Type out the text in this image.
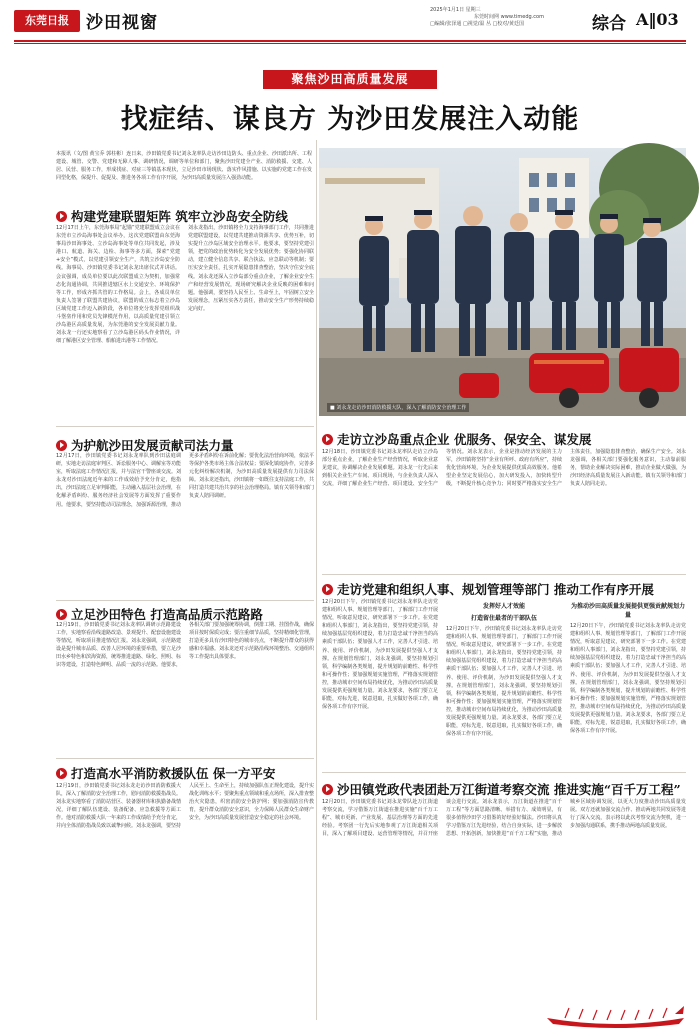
东莞日报	沙田视窗
2025年1月1日 星期三
东莞时间网 www.timedg.com
□编辑/张泽通 □视觉/温 丛 □校对/黄廷国	综合 A‖03
聚焦沙田高质量发展
找症结、谋良方 为沙田发展注入动能
本报讯（文/图 黄宝乔 郭柱彬）连日来，沙田镇党委书记刘永龙率队走访沙田边防头、重点企业、沙田派出所、工程建设、城管、交警、党建和无障人事、调研情况，调研等单位和部门，聚焦沙田党建全产业、消防救援、交建、人居、民营、服务工作，形成找症、对症三等镇基本现状，立足沙田市场现状、落实作风措施、以实施的党建工作在发同型化格，保提升、促提及、推进务各项工作有序开展，为沙田高质量发展注入强劲动能。
■ 刘永龙走访沙田消防救援大队，深入了解消防安全治理工作
构建党建联盟矩阵 筑牢立沙岛安全防线
12月17日上午，东莞海事局“起锚”党建联盟成立会议在东莞市立沙岛海事处会议举办，这次党建联盟由东莞海事局沙田海事处、立沙岛海事处等单位共同发起，涉及港口、航道、海关、边检、海事等多方面，探索“党建+安全”模式，以党建引领安全生产，共筑立沙岛安全防线。海事局、沙田镇党委书记刘永龙出席仪式并讲话。会议强调，成员单位要以此次联盟成立为契机，加强常态化沟通协调，共同推进辖区水上交通安全、环境保护等工作，形成齐抓共管的工作格局。会上，各成员单位负责人签署了联盟共建协议，联盟的成立标志着立沙岛区域党建工作迈入新阶段，各单位将充分发挥党组织战斗堡垒作用和党员先锋模范作用，以高质量党建引领立沙岛港区高质量发展，为东莞港的安全发展贡献力量。刘永龙一行还实地察看了立沙岛港区码头作业情况，详细了解港区安全管理、船舶进出港等工作情况。
刘永龙指出，沙田镇将全力支持海事部门工作，共同推进党建联盟建设，以党建共建推动资源共享、优势互补，切实提升立沙岛区域安全治理水平。他要求，要坚持党建引领，把党的政治优势转化为安全发展优势；要强化协同联动，建立健全信息共享、联合执法、应急联动等机制；要压实安全责任，扎实开展隐患排查整治，坚决守住安全底线。刘永龙还深入立沙岛部分重点企业，了解企业安全生产和经营发展情况，现场研究解决企业反映的困难和问题。他强调，要坚持人民至上、生命至上，牢固树立安全发展理念，压紧压实各方责任，推动安全生产形势持续稳定向好。
为护航沙田发展贡献司法力量
12月17日，沙田镇党委书记刘永龙率队到沙田法庭调研，实地走访法庭审判区、诉讼服务中心、调解室等功能室，听取法庭工作情况汇报，并与法官干警座谈交流。刘永龙对沙田法庭近年来的工作成效给予充分肯定，他指出，沙田法庭立足审判职能，主动融入基层社会治理，在化解矛盾纠纷、服务经济社会发展等方面发挥了重要作用。他要求，要坚持能动司法理念，加强诉源治理，推动更多矛盾纠纷在诉前化解；要优化法治营商环境，依法平等保护各类市场主体合法权益；要深化镇庭协作，完善多元化纠纷解决机制，为沙田高质量发展提供有力司法保障。刘永龙还指出，沙田镇将一如既往支持法庭工作，共同打造共建共治共享的社会治理格局。镇有关领导和部门负责人陪同调研。
立足沙田特色 打造高品质示范路路
12月19日，沙田镇党委书记刘永龙率队调研示范路建设工作，实地察看沿线道路改造、景观提升、配套设施建设等情况，听取项目推进情况汇报。刘永龙强调，示范路建设是提升城市品质、改善人居环境的重要举措，要立足沙田水乡特色和滨海资源，统筹推进道路、绿化、照明、标识等建设，打造特色鲜明、品质一流的示范路。他要求，各相关部门要加强统筹协调，倒排工期、挂图作战，确保项目按时保质完成；要注重细节品质，坚持精细化管理，打造更多具有沙田特色的城市亮点，不断提升群众的获得感和幸福感。刘永龙还对示范路沿线环境整治、交通组织等工作提出具体要求。
打造高水平消防救援队伍 保一方平安
12月19日，沙田镇党委书记刘永龙走访沙田消防救援大队，深入了解消防安全治理工作，慰问消防救援指战员。刘永龙实地察看了消防站营区、装备器材库和执勤备战情况，详细了解队伍建设、装备配备、应急救援等方面工作。他对消防救援大队一年来的工作成绩给予充分肯定，并向全体消防指战员致以诚挚问候。刘永龙强调，要坚持人民至上、生命至上，持续加强队伍正规化建设，提升实战化训练水平；要聚焦重点领域和重点场所，深入排查整治火灾隐患，织密消防安全防护网；要加强消防宣传教育，提升群众消防安全意识，全力保障人民群众生命财产安全，为沙田高质量发展营造安全稳定的社会环境。
走访立沙岛重点企业 优服务、保安全、谋发展
12月18日，沙田镇党委书记刘永龙率队走访立沙岛部分重点企业，了解企业生产经营情况，听取企业意见建议，协调解决企业发展难题。刘永龙一行先后来到相关企业生产车间、项目现场，与企业负责人深入交流，详细了解企业生产经营、项目建设、安全生产等情况。刘永龙表示，企业是推动经济发展的主力军，沙田镇将坚持“企业有所呼、政府有所应”，持续优化营商环境，为企业发展提供优质高效服务。他希望企业坚定发展信心，加大研发投入，加快转型升级，不断提升核心竞争力；同时要严格落实安全生产主体责任，加强隐患排查整治，确保生产安全。刘永龙强调，各相关部门要强化服务意识，主动靠前服务，帮助企业解决实际困难，推动企业做大做强，为沙田经济高质量发展注入新动能。镇有关领导和部门负责人陪同走访。
走访党建和组织人事、规划管理等部门 推动工作有序开展
12月20日下午，沙田镇党委书记刘永龙率队走访党建和组织人事、规划管理等部门，了解部门工作开展情况，听取意见建议，研究部署下一步工作。在党建和组织人事部门，刘永龙指出，要坚持党建引领，持续加强基层党组织建设，着力打造忠诚干净担当的高素质干部队伍；要加强人才工作，完善人才引进、培养、使用、评价机制，为沙田发展提供坚强人才支撑。在规划管理部门，刘永龙强调，要坚持规划引领，科学编制各类规划，提升规划的前瞻性、科学性和可操作性；要加强规划实施管理，严格落实规划管控，推动城市空间布局持续优化，为推动沙田高质量发展提供更强规划力量。刘永龙要求，各部门要立足职能，对标先进，锐意进取，扎实做好各项工作，确保各项工作有序开展。
发挥好人才效能
打造留住最者的干部队伍
12月20日下午，沙田镇党委书记刘永龙率队走访党建和组织人事、规划管理等部门，了解部门工作开展情况，听取意见建议，研究部署下一步工作。在党建和组织人事部门，刘永龙指出，要坚持党建引领，持续加强基层党组织建设，着力打造忠诚干净担当的高素质干部队伍；要加强人才工作，完善人才引进、培养、使用、评价机制，为沙田发展提供坚强人才支撑。在规划管理部门，刘永龙强调，要坚持规划引领，科学编制各类规划，提升规划的前瞻性、科学性和可操作性；要加强规划实施管理，严格落实规划管控，推动城市空间布局持续优化，为推动沙田高质量发展提供更强规划力量。刘永龙要求，各部门要立足职能，对标先进，锐意进取，扎实做好各项工作，确保各项工作有序开展。
为推动沙田高质量发展提供更强贡献规划力量
12月20日下午，沙田镇党委书记刘永龙率队走访党建和组织人事、规划管理等部门，了解部门工作开展情况，听取意见建议，研究部署下一步工作。在党建和组织人事部门，刘永龙指出，要坚持党建引领，持续加强基层党组织建设，着力打造忠诚干净担当的高素质干部队伍；要加强人才工作，完善人才引进、培养、使用、评价机制，为沙田发展提供坚强人才支撑。在规划管理部门，刘永龙强调，要坚持规划引领，科学编制各类规划，提升规划的前瞻性、科学性和可操作性；要加强规划实施管理，严格落实规划管控，推动城市空间布局持续优化，为推动沙田高质量发展提供更强规划力量。刘永龙要求，各部门要立足职能，对标先进，锐意进取，扎实做好各项工作，确保各项工作有序开展。
沙田镇党政代表团赴万江街道考察交流 推进实施“百千万工程”
12月20日，沙田镇党委书记刘永龙带队赴万江街道考察交流，学习借鉴万江街道在推进实施“百千万工程”、城市更新、产业发展、基层治理等方面的先进经验。考察团一行先后实地参观了万江街道相关项目，深入了解项目建设、运营管理等情况，并召开座谈会进行交流。刘永龙表示，万江街道在推进“百千万工程”等方面思路清晰、举措有力、成效明显，有很多值得沙田学习借鉴的好经验好做法。沙田将认真学习借鉴万江先进经验，结合自身实际，进一步解放思想、开拓创新，加快推进“百千万工程”实施，推动城乡区域协调发展，以更大力度推动沙田高质量发展。双方还就加强交流合作、推动两地共同发展等进行了深入交流，表示将以此次考察交流为契机，进一步加强沟通联系，携手推动两地高质量发展。
